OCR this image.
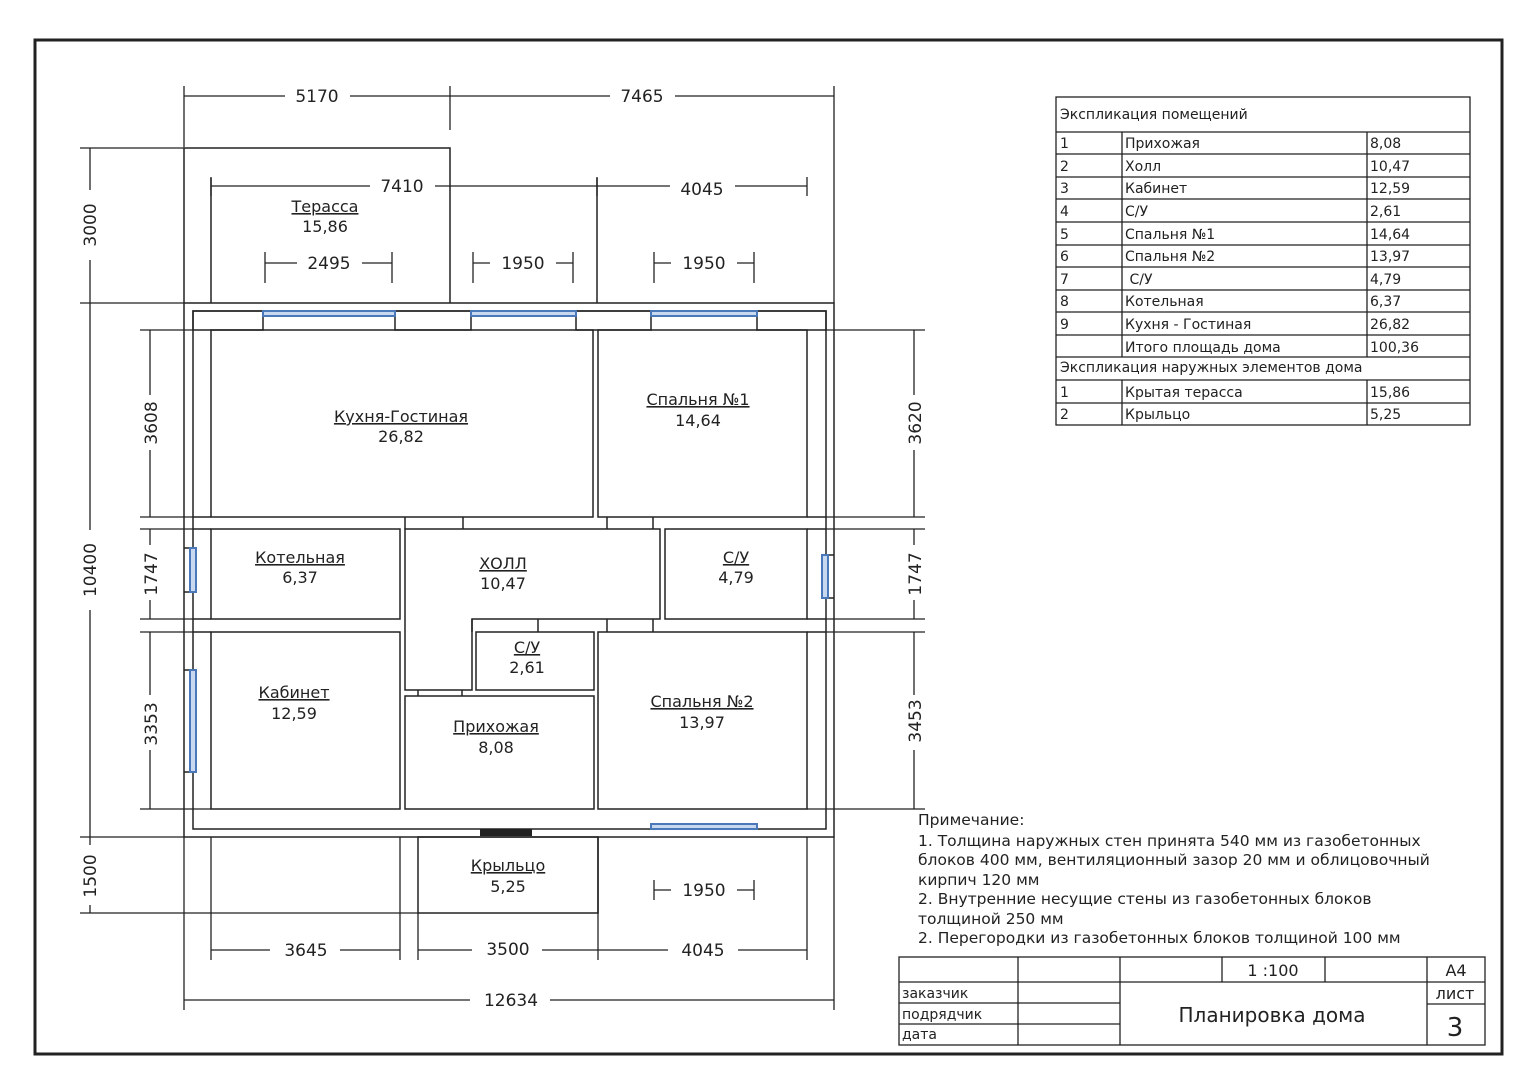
Терасса
15,86
Кухня-Гостиная
26,82
Спальня №1
14,64
Котельная
6,37
ХОЛЛ
10,47
С/У
4,79
С/У
2,61
Кабинет
12,59
Прихожая
8,08
Спальня №2
13,97
Крыльцо
5,25
5170	7465
7410	4045
2495	1950	1950
1950
3645	3500	4045
12634
3000
10400
1500
3608
1747
3353
3620
1747
3453
Экспликация помещений
1	Прихожая	8,08
2	Холл	10,47
3	Кабинет	12,59
4	С/У	2,61
5	Спальня №1	14,64
6	Спальня №2	13,97
7	С/У	4,79
8	Котельная	6,37
9	Кухня - Гостиная	26,82
Итого площадь дома	100,36
Экспликация наружных элементов дома
1	Крытая терасса	15,86
2	Крыльцо	5,25
Примечание:
1. Толщина наружных стен принята 540 мм из газобетонных
блоков 400 мм, вентиляционный зазор 20 мм и облицовочный
кирпич 120 мм
2. Внутренние несущие стены из газобетонных блоков
толщиной 250 мм
2. Перегородки из газобетонных блоков толщиной 100 мм
1 :100	А4
лист
3
заказчик
подрядчик
дата
Планировка дома
